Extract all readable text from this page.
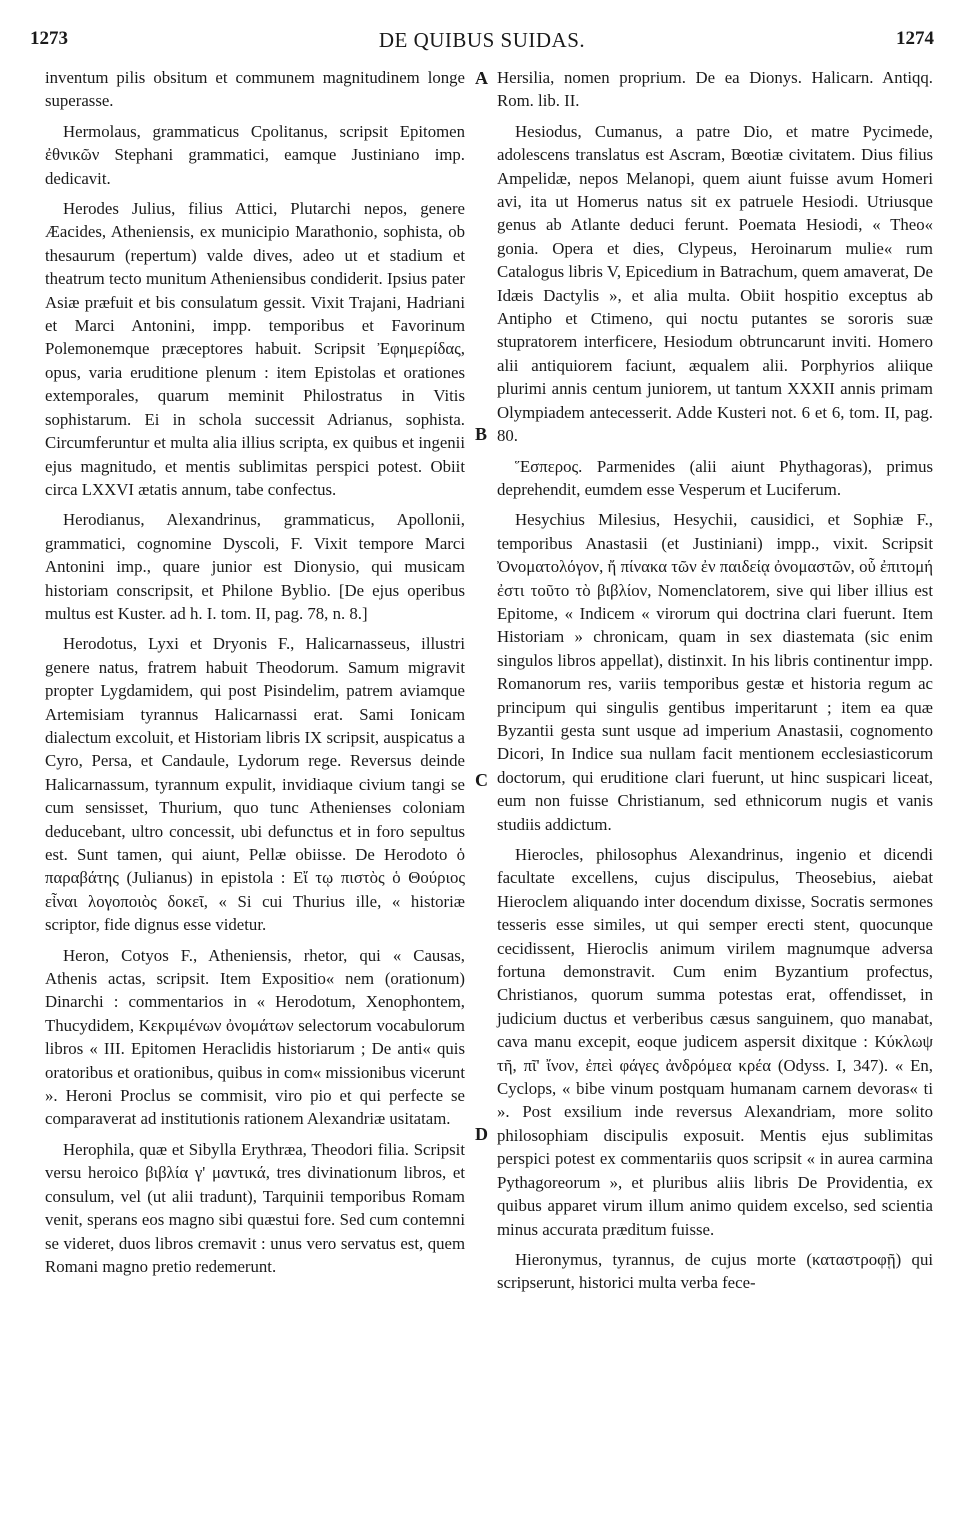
1273	DE QUIBUS SUIDAS.	1274
A
B
C
D

inventum pilis obsitum et communem magnitudinem longe superasse.

Hermolaus, grammaticus Cpolitanus, scripsit Epitomen ἐθνικῶν Stephani grammatici, eamque Justiniano imp. dedicavit.

Herodes Julius, filius Attici, Plutarchi nepos, genere Æacides, Atheniensis, ex municipio Marathonio, sophista, ob thesaurum (repertum) valde dives, adeo ut et stadium et theatrum tecto munitum Atheniensibus condiderit. Ipsius pater Asiæ præfuit et bis consulatum gessit. Vixit Trajani, Hadriani et Marci Antonini, impp. temporibus et Favorinum Polemonemque præceptores habuit. Scripsit Ἐφημερίδας, opus, varia eruditione plenum : item Epistolas et orationes extemporales, quarum meminit Philostratus in Vitis sophistarum. Ei in schola successit Adrianus, sophista. Circumferuntur et multa alia illius scripta, ex quibus et ingenii ejus magnitudo, et mentis sublimitas perspici potest. Obiit circa LXXVI ætatis annum, tabe confectus.

Herodianus, Alexandrinus, grammaticus, Apollonii, grammatici, cognomine Dyscoli, F. Vixit tempore Marci Antonini imp., quare junior est Dionysio, qui musicam historiam conscripsit, et Philone Byblio. [De ejus operibus multus est Kuster. ad h. I. tom. II, pag. 78, n. 8.]

Herodotus, Lyxi et Dryonis F., Halicarnasseus, illustri genere natus, fratrem habuit Theodorum. Samum migravit propter Lygdamidem, qui post Pisindelim, patrem aviamque Artemisiam tyrannus Halicarnassi erat. Sami Ionicam dialectum excoluit, et Historiam libris IX scripsit, auspicatus a Cyro, Persa, et Candaule, Lydorum rege. Reversus deinde Halicarnassum, tyrannum expulit, invidiaque civium tangi se cum sensisset, Thurium, quo tunc Athenienses coloniam deducebant, ultro concessit, ubi defunctus et in foro sepultus est. Sunt tamen, qui aiunt, Pellæ obiisse. De Herodoto ὁ παραβάτης (Julianus) in epistola : Εἴ τῳ πιστὸς ὁ Θούριος εἶναι λογοποιὸς δοκεῖ, « Si cui Thurius ille, « historiæ scriptor, fide dignus esse videtur.

Heron, Cotyos F., Atheniensis, rhetor, qui « Causas, Athenis actas, scripsit. Item Expositio« nem (orationum) Dinarchi : commentarios in « Herodotum, Xenophontem, Thucydidem, Κεκριμένων ὀνομάτων selectorum vocabulorum libros « III. Epitomen Heraclidis historiarum ; De anti« quis oratoribus et orationibus, quibus in com« missionibus vicerunt ». Heroni Proclus se commisit, viro pio et qui perfecte se comparaverat ad institutionis rationem Alexandriæ usitatam.

Herophila, quæ et Sibylla Erythræa, Theodori filia. Scripsit versu heroico βιβλία γ' μαντικά, tres divinationum libros, et consulum, vel (ut alii tradunt), Tarquinii temporibus Romam venit, sperans eos magno sibi quæstui fore. Sed cum contemni se videret, duos libros cremavit : unus vero servatus est, quem Romani magno pretio redemerunt.

Hersilia, nomen proprium. De ea Dionys. Halicarn. Antiqq. Rom. lib. II.

Hesiodus, Cumanus, a patre Dio, et matre Pycimede, adolescens translatus est Ascram, Bœotiæ civitatem. Dius filius Ampelidæ, nepos Melanopi, quem aiunt fuisse avum Homeri avi, ita ut Homerus natus sit ex patruele Hesiodi. Utriusque genus ab Atlante deduci ferunt. Poemata Hesiodi, « Theo« gonia. Opera et dies, Clypeus, Heroinarum mulie« rum Catalogus libris V, Epicedium in Batrachum, quem amaverat, De Idæis Dactylis », et alia multa. Obiit hospitio exceptus ab Antipho et Ctimeno, qui noctu putantes se sororis suæ stupratorem interficere, Hesiodum obtruncarunt inviti. Homero alii antiquiorem faciunt, æqualem alii. Porphyrios aliique plurimi annis centum juniorem, ut tantum XXXII annis primam Olympiadem antecesserit. Adde Kusteri not. 6 et 6, tom. II, pag. 80.

Ἕσπερος. Parmenides (alii aiunt Phythagoras), primus deprehendit, eumdem esse Vesperum et Luciferum.

Hesychius Milesius, Hesychii, causidici, et Sophiæ F., temporibus Anastasii (et Justiniani) impp., vixit. Scripsit Ὀνοματολόγον, ἤ πίνακα τῶν ἐν παιδείᾳ ὀνομαστῶν, οὗ ἐπιτομή ἐστι τοῦτο τὸ βιβλίον, Nomenclatorem, sive qui liber illius est Epitome, « Indicem « virorum qui doctrina clari fuerunt. Item Historiam » chronicam, quam in sex diastemata (sic enim singulos libros appellat), distinxit. In his libris continentur impp. Romanorum res, variis temporibus gestæ et historia regum ac principum qui singulis gentibus imperitarunt ; item ea quæ Byzantii gesta sunt usque ad imperium Anastasii, cognomento Dicori, In Indice sua nullam facit mentionem ecclesiasticorum doctorum, qui eruditione clari fuerunt, ut hinc suspicari liceat, eum non fuisse Christianum, sed ethnicorum nugis et vanis studiis addictum.

Hierocles, philosophus Alexandrinus, ingenio et dicendi facultate excellens, cujus discipulus, Theosebius, aiebat Hieroclem aliquando inter docendum dixisse, Socratis sermones tesseris esse similes, ut qui semper erecti stent, quocunque cecidissent, Hieroclis animum virilem magnumque adversa fortuna demonstravit. Cum enim Byzantium profectus, Christianos, quorum summa potestas erat, offendisset, in judicium ductus et verberibus cæsus sanguinem, quo manabat, cava manu excepit, eoque judicem aspersit dixitque : Κύκλωψ τῆ, πῖ' ἴνον, ἐπεὶ φάγες ἀνδρόμεα κρέα (Odyss. I, 347). « En, Cyclops, « bibe vinum postquam humanam carnem devoras« ti ». Post exsilium inde reversus Alexandriam, more solito philosophiam discipulis exposuit. Mentis ejus sublimitas perspici potest ex commentariis quos scripsit « in aurea carmina Pythagoreorum », et pluribus aliis libris De Providentia, ex quibus apparet virum illum animo quidem excelso, sed scientia minus accurata præditum fuisse.

Hieronymus, tyrannus, de cujus morte (καταστροφῇ) qui scripserunt, historici multa verba fece-
